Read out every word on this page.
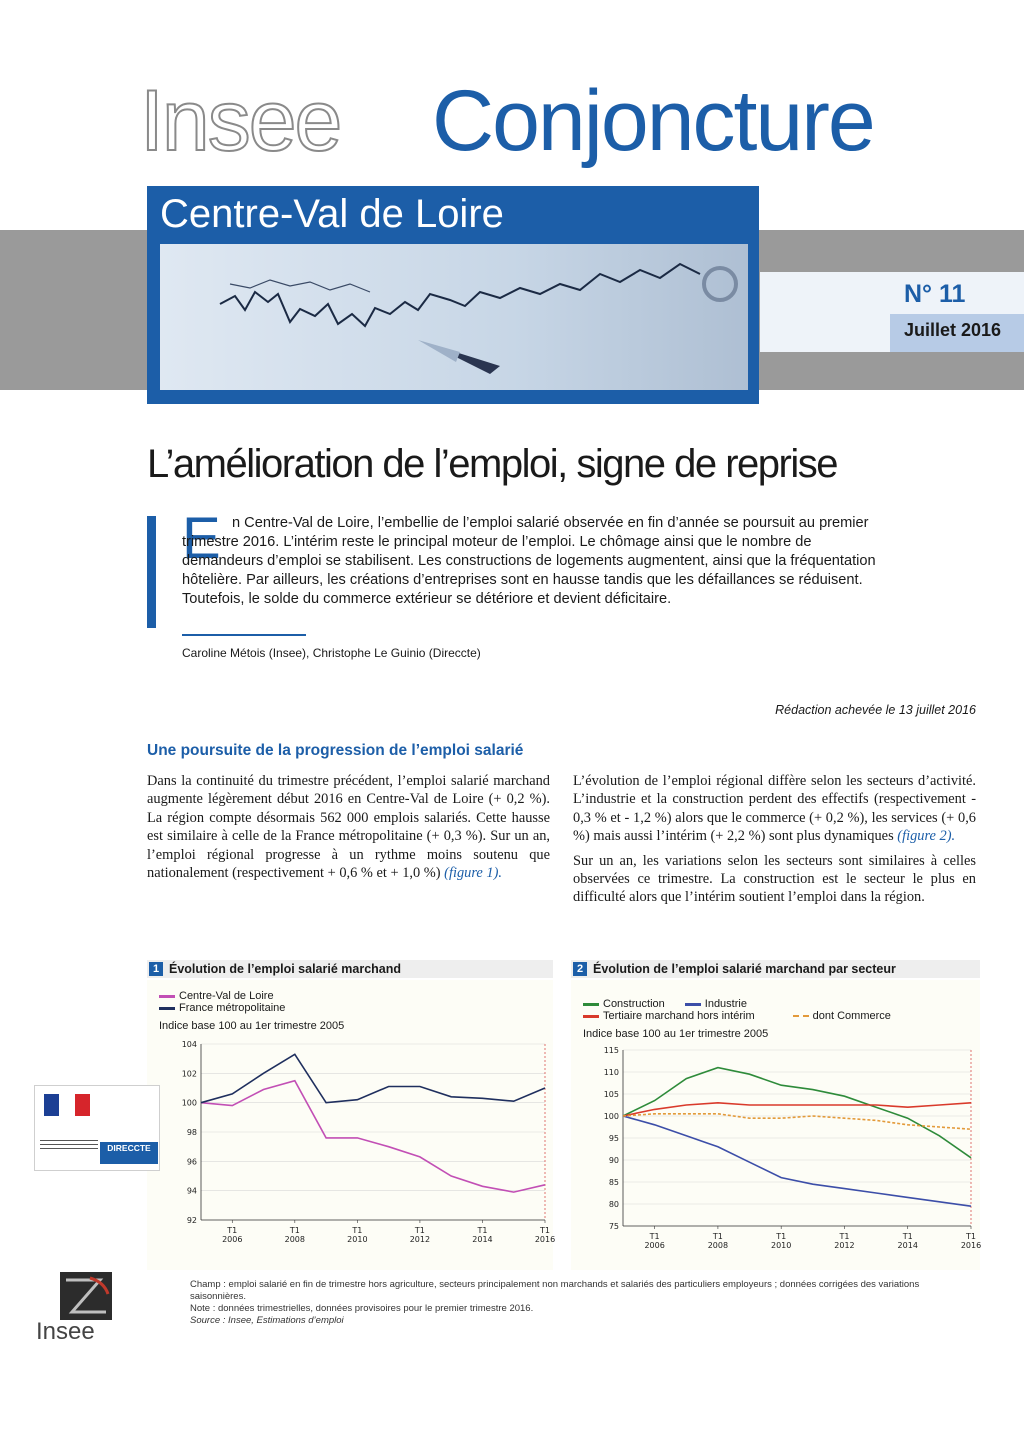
Insee Conjoncture
Centre-Val de Loire
N° 11
Juillet 2016
L’amélioration de l’emploi, signe de reprise
E n Centre-Val de Loire, l’embellie de l’emploi salarié observée en fin d’année se poursuit au premier trimestre 2016. L’intérim reste le principal moteur de l’emploi. Le chômage ainsi que le nombre de demandeurs d’emploi se stabilisent. Les constructions de logements augmentent, ainsi que la fréquentation hôtelière. Par ailleurs, les créations d’entreprises sont en hausse tandis que les défaillances se réduisent. Toutefois, le solde du commerce extérieur se détériore et devient déficitaire.
Caroline Métois (Insee), Christophe Le Guinio (Direccte)
Rédaction achevée le 13 juillet 2016
Une poursuite de la progression de l’emploi salarié

Dans la continuité du trimestre précédent, l’emploi salarié marchand augmente légèrement début 2016 en Centre-Val de Loire (+ 0,2 %). La région compte désormais 562 000 emplois salariés. Cette hausse est similaire à celle de la France métropolitaine (+ 0,3 %). Sur un an, l’emploi régional progresse à un rythme moins soutenu que nationalement (respectivement + 0,6 % et + 1,0 %) (figure 1).

L’évolution de l’emploi régional diffère selon les secteurs d’activité. L’industrie et la construction perdent des effectifs (respectivement - 0,3 % et - 1,2 %) alors que le commerce (+ 0,2 %), les services (+ 0,6 %) mais aussi l’intérim (+ 2,2 %) sont plus dynamiques (figure 2).

Sur un an, les variations selon les secteurs sont similaires à celles observées ce trimestre. La construction est le secteur le plus en difficulté alors que l’intérim soutient l’emploi dans la région.

1 Évolution de l’emploi salarié marchand
Centre-Val de Loire
France métropolitaine
Indice base 100 au 1er trimestre 2005
104
102
100
98
96
94
92
T1
2006
T1
2008
T1
2010
T1
2012
T1
2014
T1
2016
2 Évolution de l’emploi salarié marchand par secteur
Construction	Industrie
Tertiaire marchand hors intérim	dont Commerce
Indice base 100 au 1er trimestre 2005
115
110
105
100
95
90
85
80
75
T1
2006
T1
2008
T1
2010
T1
2012
T1
2014
T1
2016
DIRECCTE
Insee

Champ : emploi salarié en fin de trimestre hors agriculture, secteurs principalement non marchands et salariés des particuliers employeurs ; données corrigées des variations saisonnières.

Note : données trimestrielles, données provisoires pour le premier trimestre 2016.

Source : Insee, Estimations d’emploi
